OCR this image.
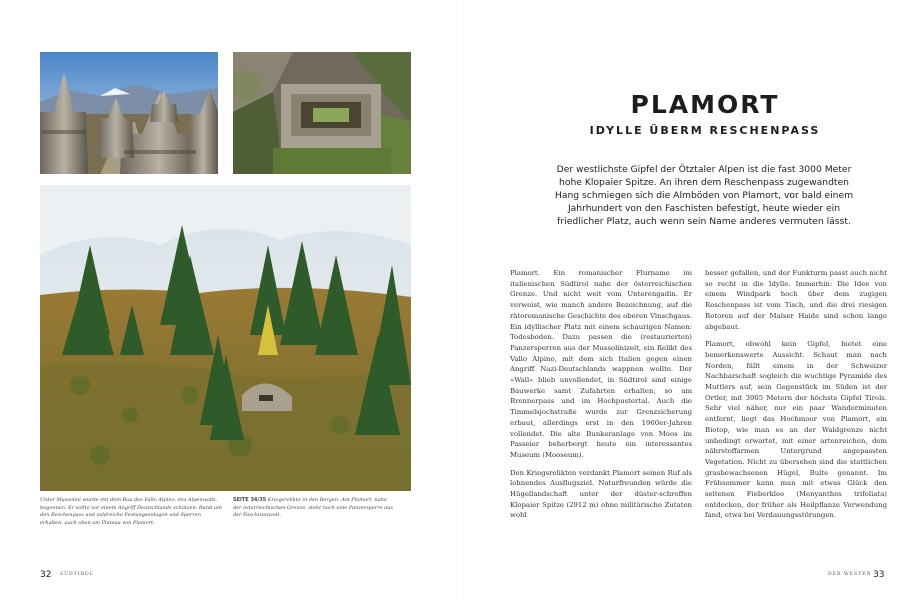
Unter Mussolini wurde mit dem Bau des Vallo Alpino, des Alpenwalls, begonnen. Er sollte vor einem Angriff Deutschlands schützen. Rund um den Reschenpass und zahlreiche Festungsanlagen und Sperren erhalten, auch oben am Plateau von Plamort.
SEITE 34/35 Kriegsrelikte in den Bergen. Am Plamort, nahe der österreichischen Grenze, steht noch eine Panzersperre aus der Faschistenzeit.
PLAMORT
IDYLLE ÜBERM RESCHENPASS
Der westlichste Gipfel der Ötztaler Alpen ist die fast 3000 Meter hohe Klopaier Spitze. An ihren dem Reschenpass zugewandten Hang schmiegen sich die Almböden von Plamort, vor bald einem Jahrhundert von den Faschisten befestigt, heute wieder ein friedlicher Platz, auch wenn sein Name anderes vermuten lässt.

Plamort. Ein romanischer Flurname im italienischen Südtirol nahe der österreichischen Grenze. Und nicht weit vom Unterengadin. Er verweist, wie manch andere Bezeichnung, auf die rätoromanische Geschichte des oberen Vinschgaus. Ein idyllischer Platz mit einem schaurigen Namen: Todesboden. Dazu passen die (restaurierten) Panzersperren aus der Mussolinizeit, ein Relikt des Vallo Alpino, mit dem sich Italien gegen einen Angriff Nazi-Deutschlands wappnen wollte. Der »Wall« blieb unvollendet, in Südtirol sind einige Bauwerke samt Zufahrten erhalten, so am Brennerpass und im Hochpustertal. Auch die Timmelsjochstraße wurde zur Grenzsicherung erbaut, allerdings erst in den 1960er-Jahren vollendet. Die alte Bunkeranlage von Moos im Passeier beherbergt heute ein interessantes Museum (Mooseum).

Den Kriegsrelikten verdankt Plamort seinen Ruf als lohnendes Ausflugsziel. Naturfreunden würde die Hügellandschaft unter der düster-schroffen Klopaier Spitze (2912 m) ohne militärische Zutaten wohl

besser gefallen, und der Funkturm passt auch nicht so recht in die Idylle. Immerhin: Die Idee von einem Windpark hoch über dem zugigen Reschenpass ist vom Tisch, und die drei riesigen Rotoren auf der Malser Haide sind schon lange abgebaut.

Plamort, obwohl kein Gipfel, bietet eine bemerkenswerte Aussicht. Schaut man nach Norden, fällt einem in der Schweizer Nachbarschaft sogleich die wuchtige Pyramide des Muttlers auf, sein Gegenstück im Süden ist der Ortler, mit 3905 Metern der höchste Gipfel Tirols. Sehr viel näher, nur ein paar Wanderminuten entfernt, liegt das Hochmoor von Plamort, ein Biotop, wie man es an der Waldgrenze nicht unbedingt erwartet, mit einer artenreichen, dem nährstoffarmen Untergrund angepassten Vegetation. Nicht zu übersehen sind die stattlichen grasbewachsenen Hügel, Bulte genannt. Im Frühsommer kann man mit etwas Glück den seltenen Fieberklee (Menyanthes trifoliata) entdecken, der früher als Heilpflanze Verwendung fand, etwa bei Verdauungsstörungen.

32 SÜDTIROL	DER WESTEN 33
